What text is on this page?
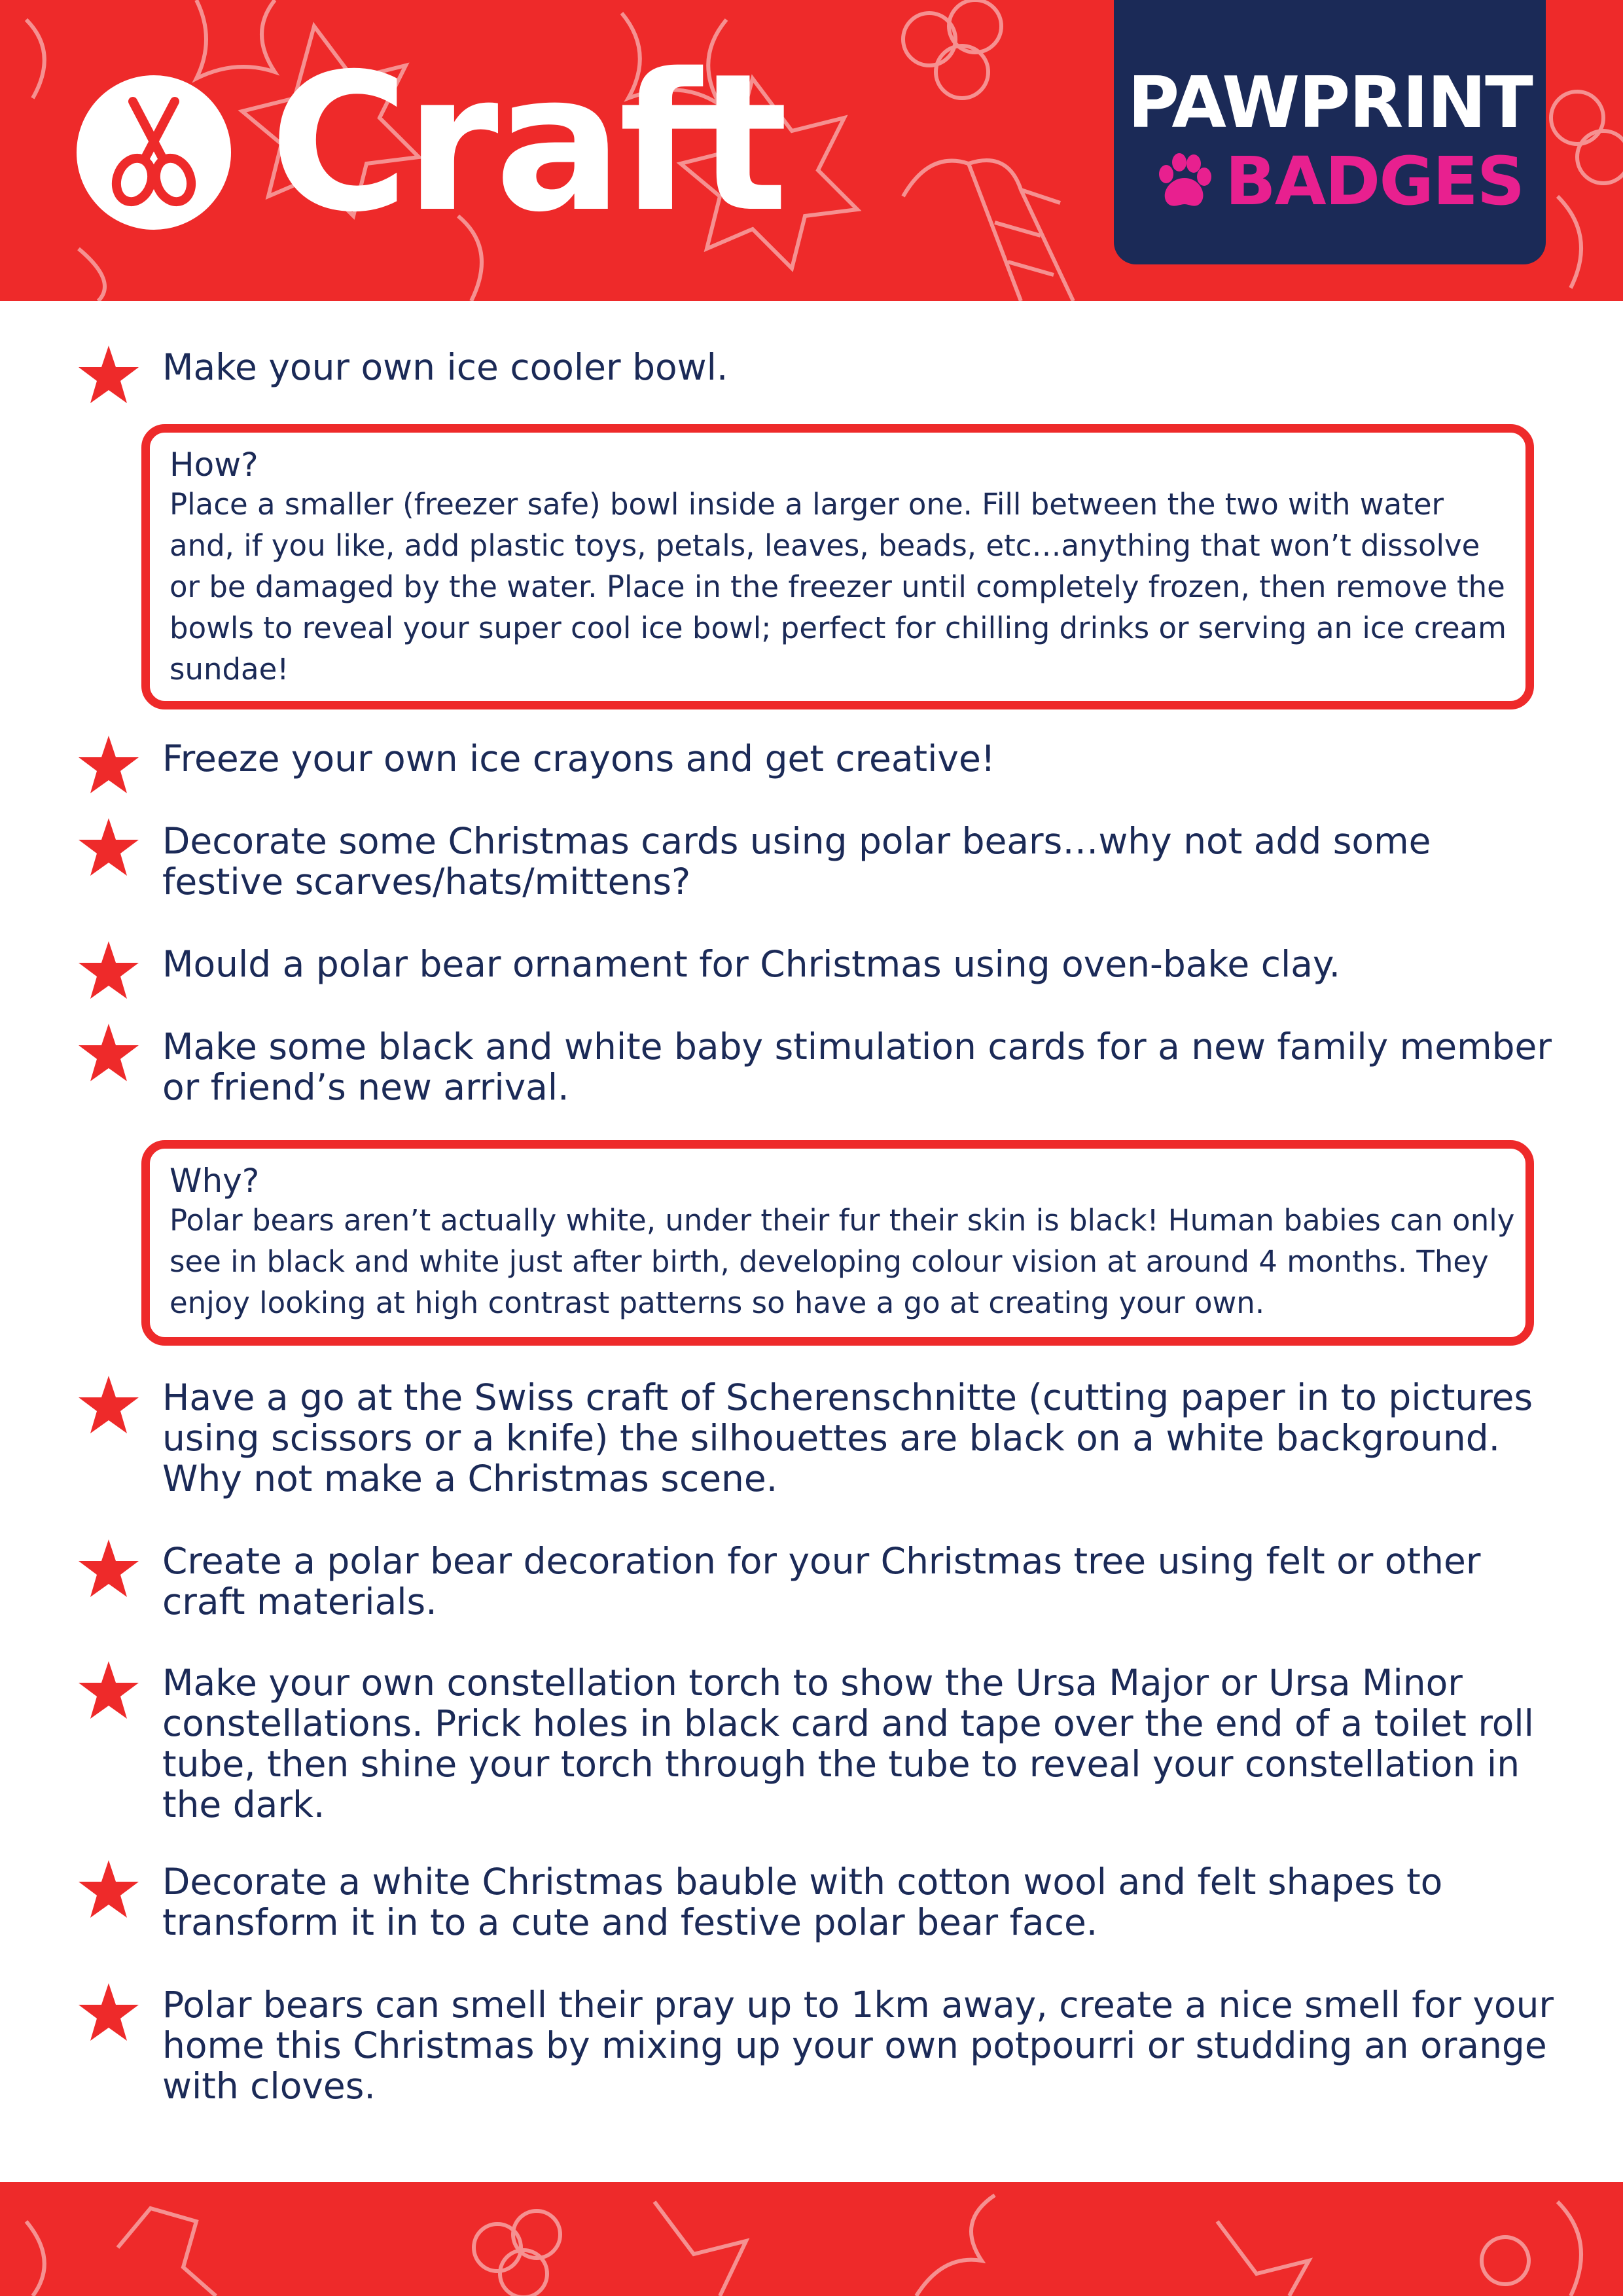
Craft	PAWPRINT
BADGES

Make your own ice cooler bowl.

How?

Place a smaller (freezer safe) bowl inside a larger one. Fill between the two with water and, if you like, add plastic toys, petals, leaves, beads, etc…anything that won’t dissolve or be damaged by the water. Place in the freezer until completely frozen, then remove the bowls to reveal your super cool ice bowl; perfect for chilling drinks or serving an ice cream sundae!

Freeze your own ice crayons and get creative!

Decorate some Christmas cards using polar bears…why not add some festive scarves/hats/mittens?

Mould a polar bear ornament for Christmas using oven-bake clay.

Make some black and white baby stimulation cards for a new family member or friend’s new arrival.

Why?

Polar bears aren’t actually white, under their fur their skin is black! Human babies can only see in black and white just after birth, developing colour vision at around 4 months. They enjoy looking at high contrast patterns so have a go at creating your own.

Have a go at the Swiss craft of Scherenschnitte (cutting paper in to pictures using scissors or a knife) the silhouettes are black on a white background. Why not make a Christmas scene.

Create a polar bear decoration for your Christmas tree using felt or other craft materials.

Make your own constellation torch to show the Ursa Major or Ursa Minor constellations. Prick holes in black card and tape over the end of a toilet roll tube, then shine your torch through the tube to reveal your constellation in the dark.

Decorate a white Christmas bauble with cotton wool and felt shapes to transform it in to a cute and festive polar bear face.

Polar bears can smell their pray up to 1km away, create a nice smell for your home this Christmas by mixing up your own potpourri or studding an orange with cloves.
